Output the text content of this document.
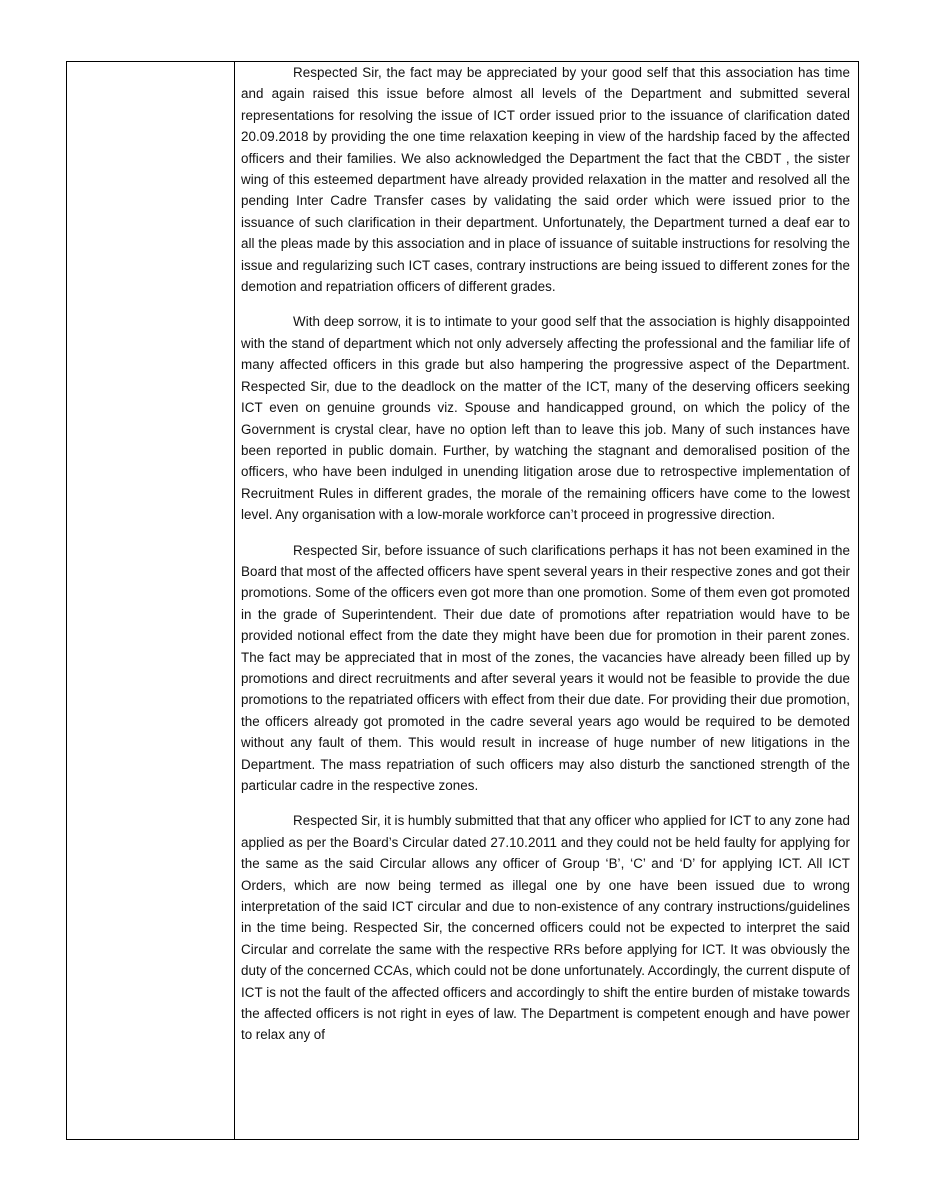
Respected Sir, the fact may be appreciated by your good self that this association has time and again raised this issue before almost all levels of the Department and submitted several representations for resolving the issue of ICT order issued prior to the issuance of clarification dated 20.09.2018 by providing the one time relaxation keeping in view of the hardship faced by the affected officers and their families. We also acknowledged the Department the fact that the CBDT , the sister wing of this esteemed department have already provided relaxation in the matter and resolved all the pending Inter Cadre Transfer cases by validating the said order which were issued prior to the issuance of such clarification in their department. Unfortunately, the Department turned a deaf ear to all the pleas made by this association and in place of issuance of suitable instructions for resolving the issue and regularizing such ICT cases, contrary instructions are being issued to different zones for the demotion and repatriation officers of different grades.

With deep sorrow, it is to intimate to your good self that the association is highly disappointed with the stand of department which not only adversely affecting the professional and the familiar life of many affected officers in this grade but also hampering the progressive aspect of the Department. Respected Sir, due to the deadlock on the matter of the ICT, many of the deserving officers seeking ICT even on genuine grounds viz. Spouse and handicapped ground, on which the policy of the Government is crystal clear, have no option left than to leave this job. Many of such instances have been reported in public domain. Further, by watching the stagnant and demoralised position of the officers, who have been indulged in unending litigation arose due to retrospective implementation of Recruitment Rules in different grades, the morale of the remaining officers have come to the lowest level. Any organisation with a low-morale workforce can’t proceed in progressive direction.

Respected Sir, before issuance of such clarifications perhaps it has not been examined in the Board that most of the affected officers have spent several years in their respective zones and got their promotions. Some of the officers even got more than one promotion. Some of them even got promoted in the grade of Superintendent. Their due date of promotions after repatriation would have to be provided notional effect from the date they might have been due for promotion in their parent zones. The fact may be appreciated that in most of the zones, the vacancies have already been filled up by promotions and direct recruitments and after several years it would not be feasible to provide the due promotions to the repatriated officers with effect from their due date. For providing their due promotion, the officers already got promoted in the cadre several years ago would be required to be demoted without any fault of them. This would result in increase of huge number of new litigations in the Department. The mass repatriation of such officers may also disturb the sanctioned strength of the particular cadre in the respective zones.

Respected Sir, it is humbly submitted that that any officer who applied for ICT to any zone had applied as per the Board’s Circular dated 27.10.2011 and they could not be held faulty for applying for the same as the said Circular allows any officer of Group ‘B’, ‘C’ and ‘D’ for applying ICT. All ICT Orders, which are now being termed as illegal one by one have been issued due to wrong interpretation of the said ICT circular and due to non-existence of any contrary instructions/guidelines in the time being. Respected Sir, the concerned officers could not be expected to interpret the said Circular and correlate the same with the respective RRs before applying for ICT. It was obviously the duty of the concerned CCAs, which could not be done unfortunately. Accordingly, the current dispute of ICT is not the fault of the affected officers and accordingly to shift the entire burden of mistake towards the affected officers is not right in eyes of law. The Department is competent enough and have power to relax any of
